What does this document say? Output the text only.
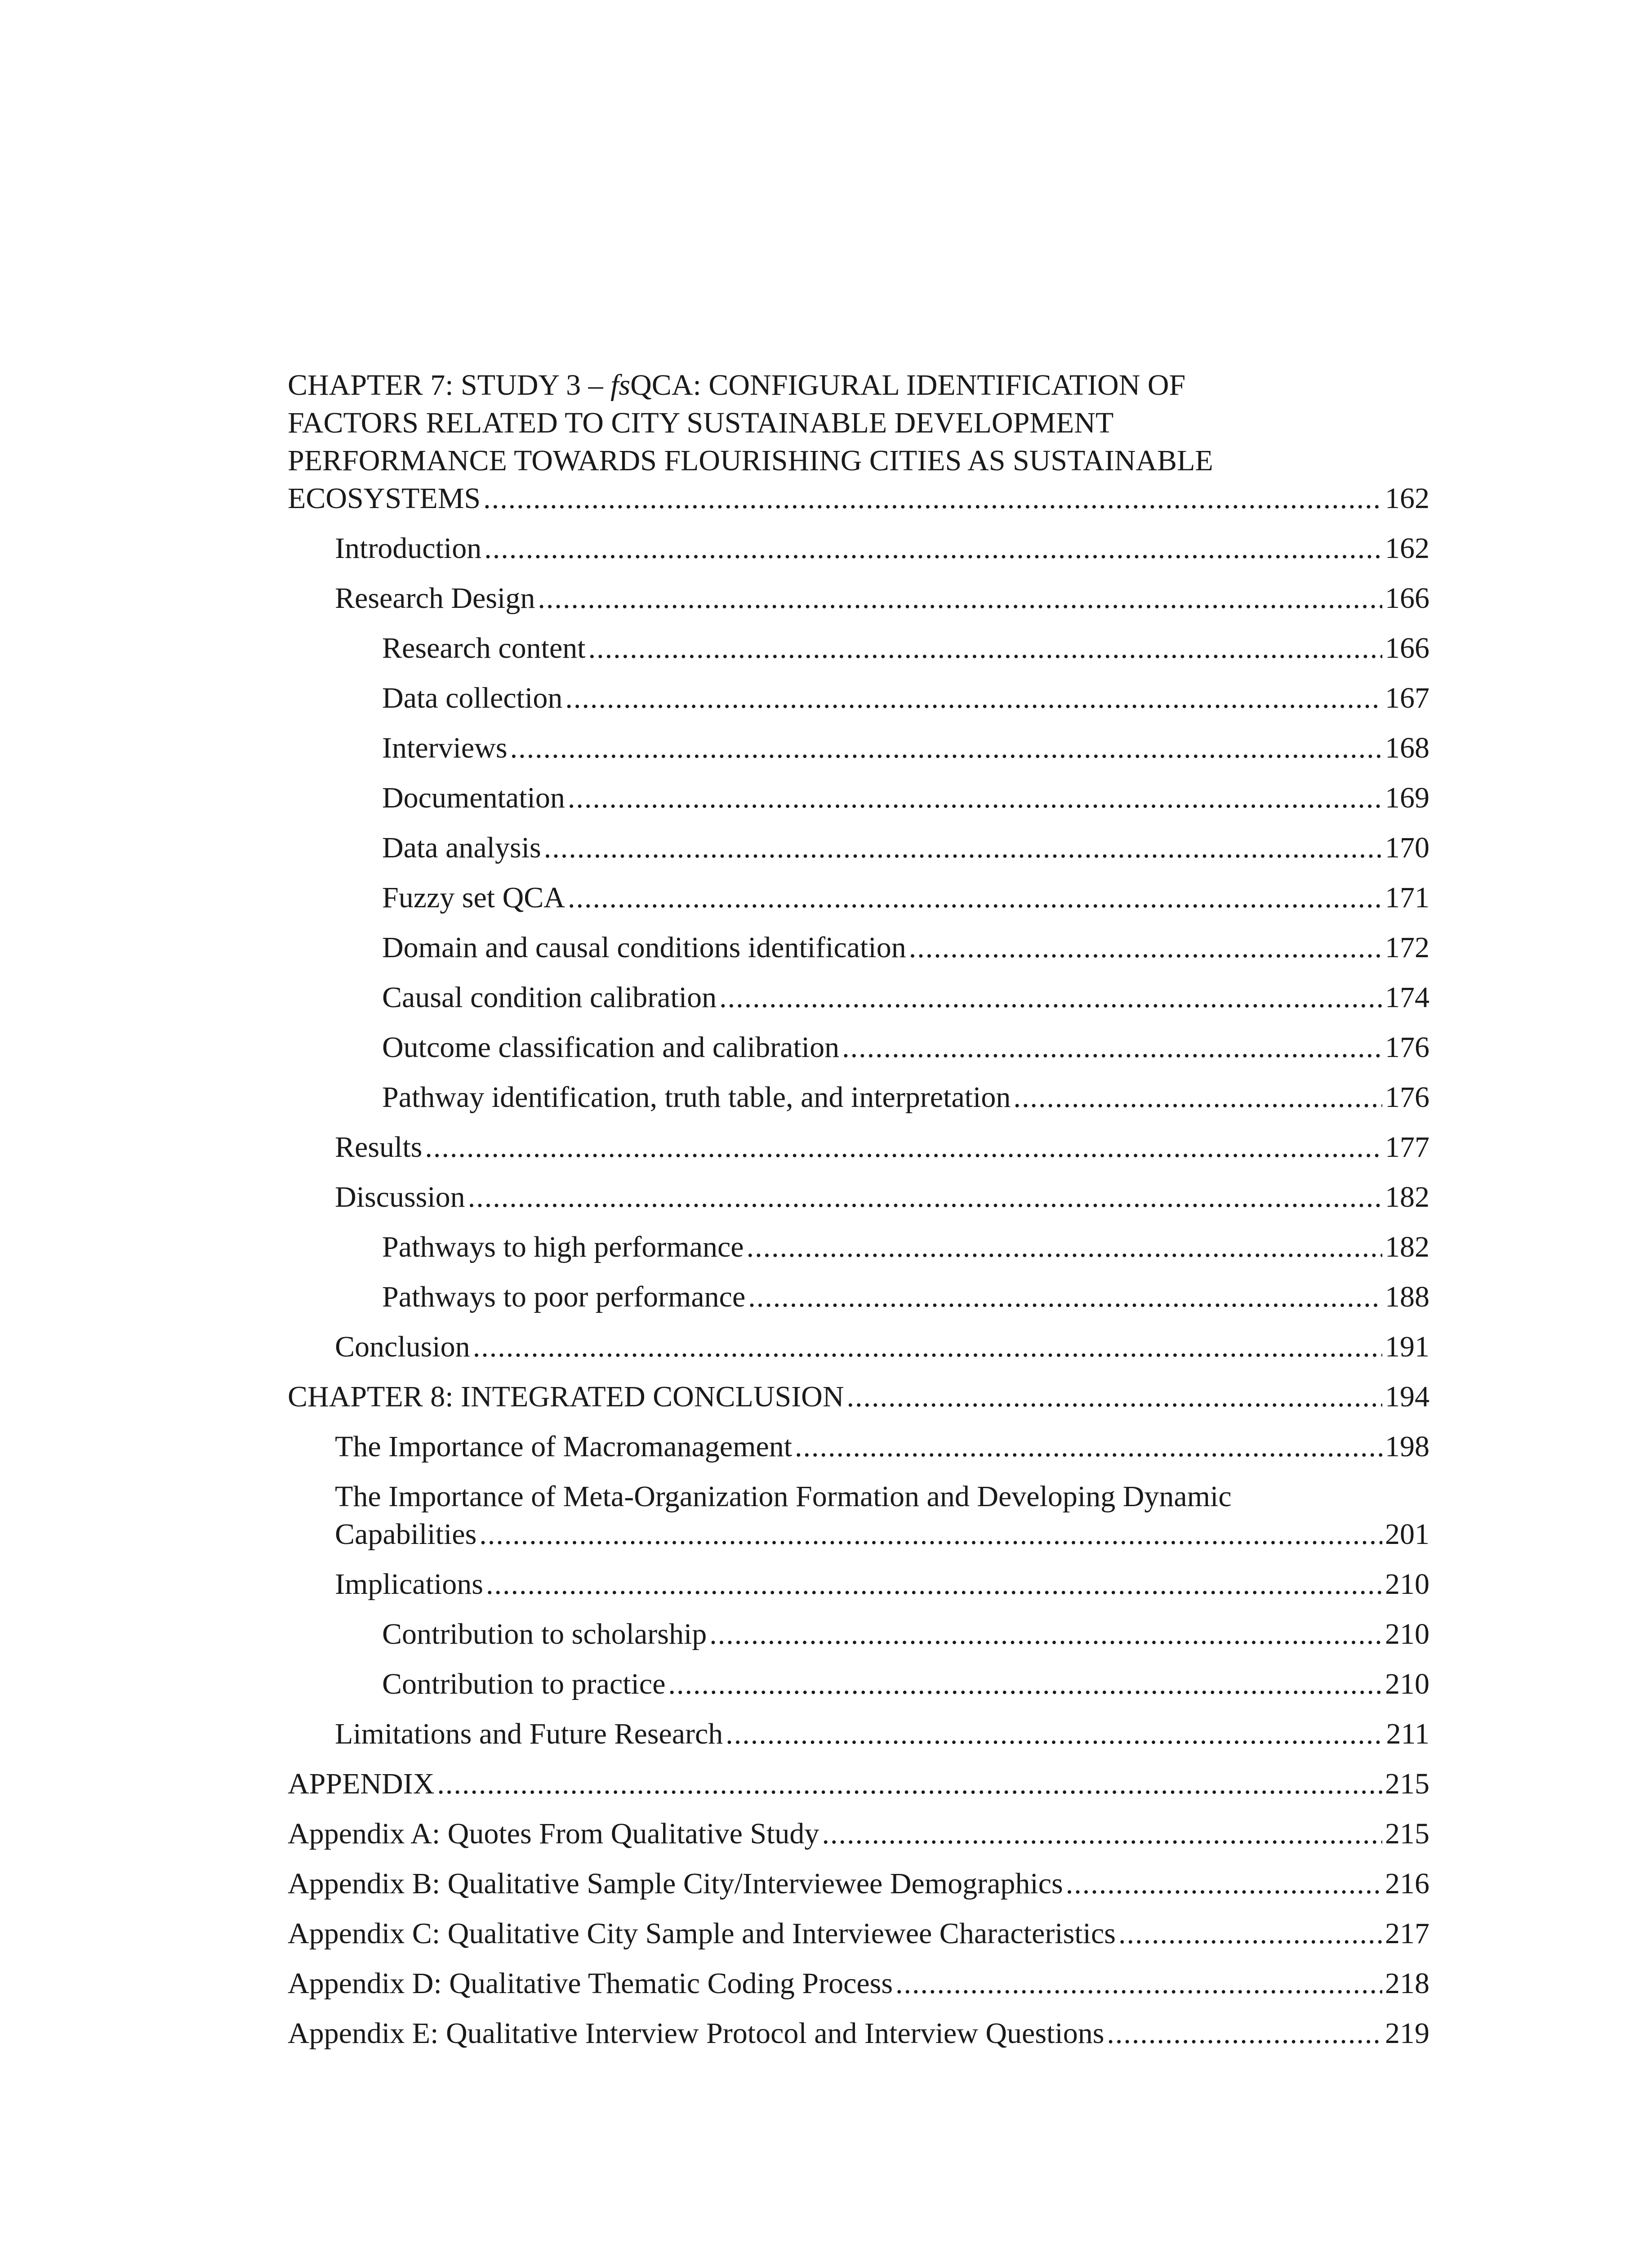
CHAPTER 7: STUDY 3 – fsQCA: CONFIGURAL IDENTIFICATION OF
FACTORS RELATED TO CITY SUSTAINABLE DEVELOPMENT
PERFORMANCE TOWARDS FLOURISHING CITIES AS SUSTAINABLE
ECOSYSTEMS .....	162
Introduction .....	162
Research Design .....	166
Research content .....	166
Data collection .....	167
Interviews .....	168
Documentation .....	169
Data analysis .....	170
Fuzzy set QCA .....	171
Domain and causal conditions identification .....	172
Causal condition calibration .....	174
Outcome classification and calibration .....	176
Pathway identification, truth table, and interpretation .....	176
Results .....	177
Discussion .....	182
Pathways to high performance .....	182
Pathways to poor performance .....	188
Conclusion .....	191
CHAPTER 8: INTEGRATED CONCLUSION .....	194
The Importance of Macromanagement .....	198
The Importance of Meta-Organization Formation and Developing Dynamic
Capabilities .....	201
Implications .....	210
Contribution to scholarship .....	210
Contribution to practice .....	210
Limitations and Future Research .....	211
APPENDIX .....	215
Appendix A: Quotes From Qualitative Study .....	215
Appendix B: Qualitative Sample City/Interviewee Demographics .....	216
Appendix C: Qualitative City Sample and Interviewee Characteristics .....	217
Appendix D: Qualitative Thematic Coding Process .....	218
Appendix E: Qualitative Interview Protocol and Interview Questions .....	219
